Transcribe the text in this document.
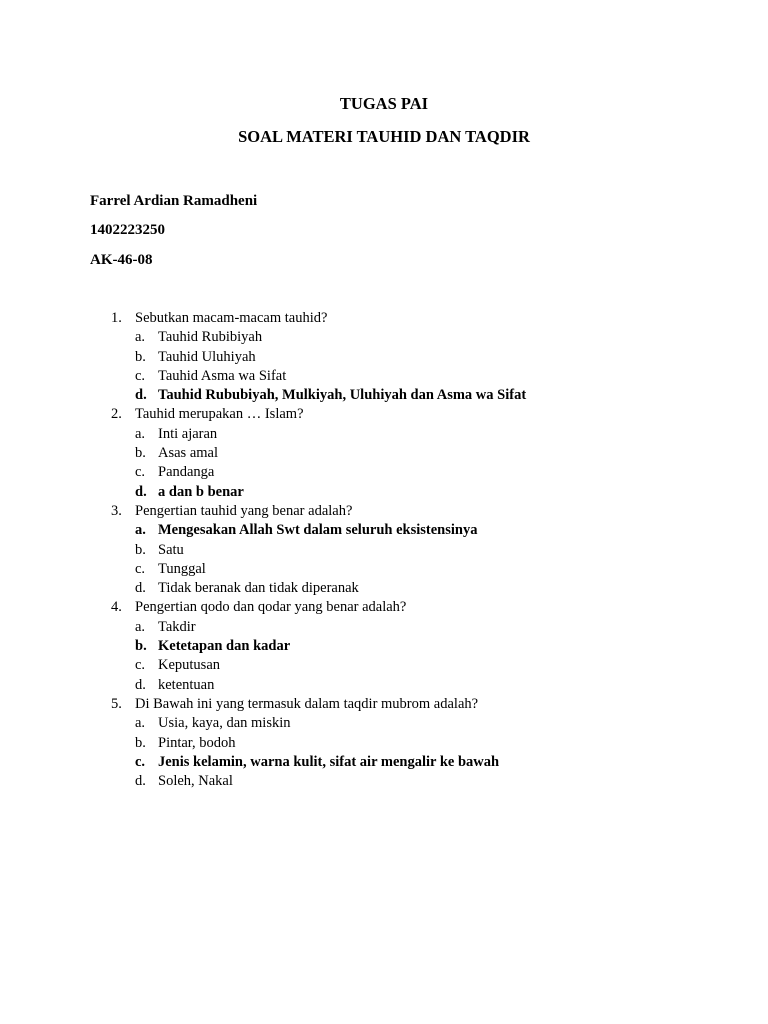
TUGAS PAI
SOAL MATERI TAUHID DAN TAQDIR
Farrel Ardian Ramadheni
1402223250
AK-46-08
1. Sebutkan macam-macam tauhid?
a. Tauhid Rubibiyah
b. Tauhid Uluhiyah
c. Tauhid Asma wa Sifat
d. Tauhid Rububiyah, Mulkiyah, Uluhiyah dan Asma wa Sifat
2. Tauhid merupakan … Islam?
a. Inti ajaran
b. Asas amal
c. Pandanga
d. a dan b benar
3. Pengertian tauhid yang benar adalah?
a. Mengesakan Allah Swt dalam seluruh eksistensinya
b. Satu
c. Tunggal
d. Tidak beranak dan tidak diperanak
4. Pengertian qodo dan qodar yang benar adalah?
a. Takdir
b. Ketetapan dan kadar
c. Keputusan
d. ketentuan
5. Di Bawah ini yang termasuk dalam taqdir mubrom adalah?
a. Usia, kaya, dan miskin
b. Pintar, bodoh
c. Jenis kelamin, warna kulit, sifat air mengalir ke bawah
d. Soleh, Nakal
